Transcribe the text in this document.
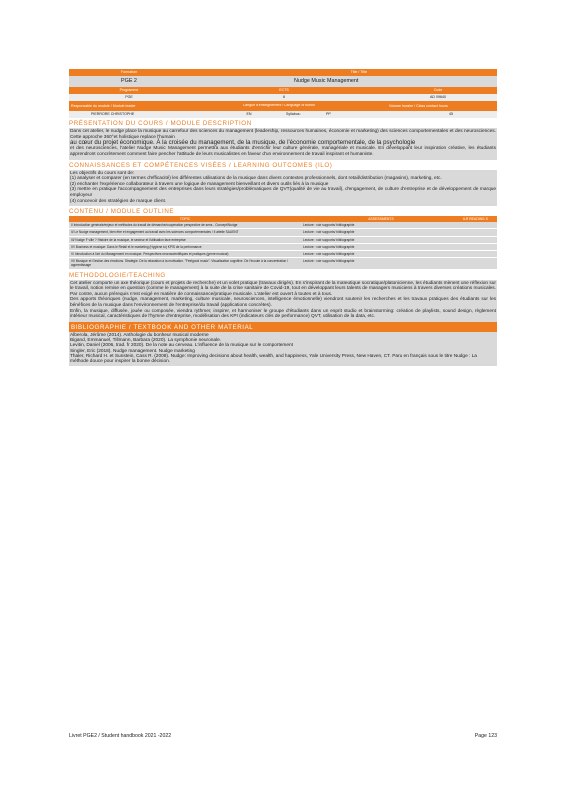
Formation	Title / Title
PGE 2	Nudge Music Management
Programme	ECTS	Code
PGE	6	AD 09640
Responsable du module / Module leader	Langue d'enseignement / Language of tuition	Volume horaire / Class contact hours
PIERRORE CHRISTOPHE	EN	Syllabus:	PP	45
PRÉSENTATION DU COURS / MODULE DESCRIPTION

Dans cet atelier, le nudge place la musique au carrefour des sciences du management (leadership, ressources humaines, économie et marketing) des sciences comportementales et des neurosciences. Cette approche 360°et holistique replace l'humain

au cœur du projet économique. À la croisée du management, de la musique, de l'économie comportementale, de la psychologie

et des neurosciences, l'atelier Nudge Music Management permettra aux étudiants d'enrichir leur culture générale, managériale et musicale. En développant leur inspiration créative, les étudiants apprendront concrètement comment faire pencher l'attitude de leurs musicalistes en faveur d'un environnement de travail inspirant et humaniste.

CONNAISSANCES ET COMPÉTENCES VISÉES / LEARNING OUTCOMES (ILO)

Les objectifs du cours sont de:

(1) analyser et comparer (en termes d'efficacité) les différentes utilisations de la musique dans divers contextes professionnels, dont retail/distribution (magasins), marketing, etc.

(2) enchanter l'expérience collaborateur à travers une logique de management bienveillant et divers outils liés à la musique

(3) mettre en pratique l'accompagnement des entreprises dans leurs stratégies/problématiques de QVT(qualité de vie au travail), d'engagement, de culture d'entreprise et de développement de marque employeur

(4) concevoir des stratégies de marque client.

CONTENU / MODULE OUTLINE
TOPIC	ASSESSMENTS	ILR READING S
I/ Introduction générale/enjeux et méthodes du travail de démarche/coopération perspective de sens - Concept/Nudge	Lecture : voir supports/ bibliographie	
II/ Le Nudge management, bien être et engagement au travail avec les sciences comportementales / II attelle SAUENT	Lecture : voir supports/ bibliographie	
III/ Nudge F ville ? Histoire de la musique, le secteur et l'utilisation face entreprise	Lecture : voir supports/ bibliographie	
IV/ Business et musique: Dans le Retail et le marketing (Hygiene to) KPIS de la performance	Lecture : voir supports/ bibliographie	
V/ Introduction à l'art du Management en musique. Perspectives neuroscientifiques et pratiques (genre musical)	Lecture : voir supports/ bibliographie	
VI/ Musique et Gestion des émotions. Stratégie. De la relaxation à la motivation. "Feelgood music". Visualisation cognitive. De l'écoute à la concentration / apprentissage	Lecture : voir supports/ bibliographie	
METHODOLOGIE/TEACHING

Cet atelier comporte un axe théorique (cours et projets de recherche) et un volet pratique (travaux dirigés). En s'inspirant de la maïeutique socratique/platonicienne, les étudiants mènent une réflexion sur le travail, notion remise en question (comme le management) à la suite de la crise sanitaire de Covid-19, tout en développant leurs talents de managers musiciens à travers diverses créations musicales. Par contre, aucun prérequis n'est exigé en matière de connaissance/pratique musicale. L'atelier est ouvert à toutes et à tous.

Des apports théoriques (nudge, management, marketing, culture musicale, neurosciences, intelligence émotionnelle) viendront soutenir les recherches et les travaux pratiques des étudiants sur les bénéfices de la musique dans l'environnement de l'entreprise/du travail (applications concrètes).

Enfin, la musique, diffusée, jouée ou composée, viendra rythmer, inspirer, et harmoniser le groupe d'étudiants dans un esprit studio et brainstorming: création de playlists, sound design, règlement intérieur musical, caractéristiques de l'hymne d'entreprise, modélisation des KPI (indicateurs clés de performance) QVT, utilisation de la data, etc.

BIBLIOGRAPHIE / TEXTBOOK AND OTHER MATERIAL

Alberola, Jérôme (2014). Anthologie du bonheur musical moderne

Bigand, Emmanuel, Tillmann, Barbara (2020). La symphonie neuronale.

Levitin, Daniel (2006, trad. fr 2020). De la note au cerveau. L'influence de la musique sur le comportement

Singler, Eric (2018). Nudge management. Nudge marketing

Thaler, Richard H. et Sunstein, Cass R. (2008). Nudge: Improving decisions about health, wealth, and happiness, Yale University Press, New Haven, CT. Paru en français sous le titre Nudge : La méthode douce pour inspirer la bonne décision.

Livret PGE2 / Student handbook 2021 -2022	Page 123
